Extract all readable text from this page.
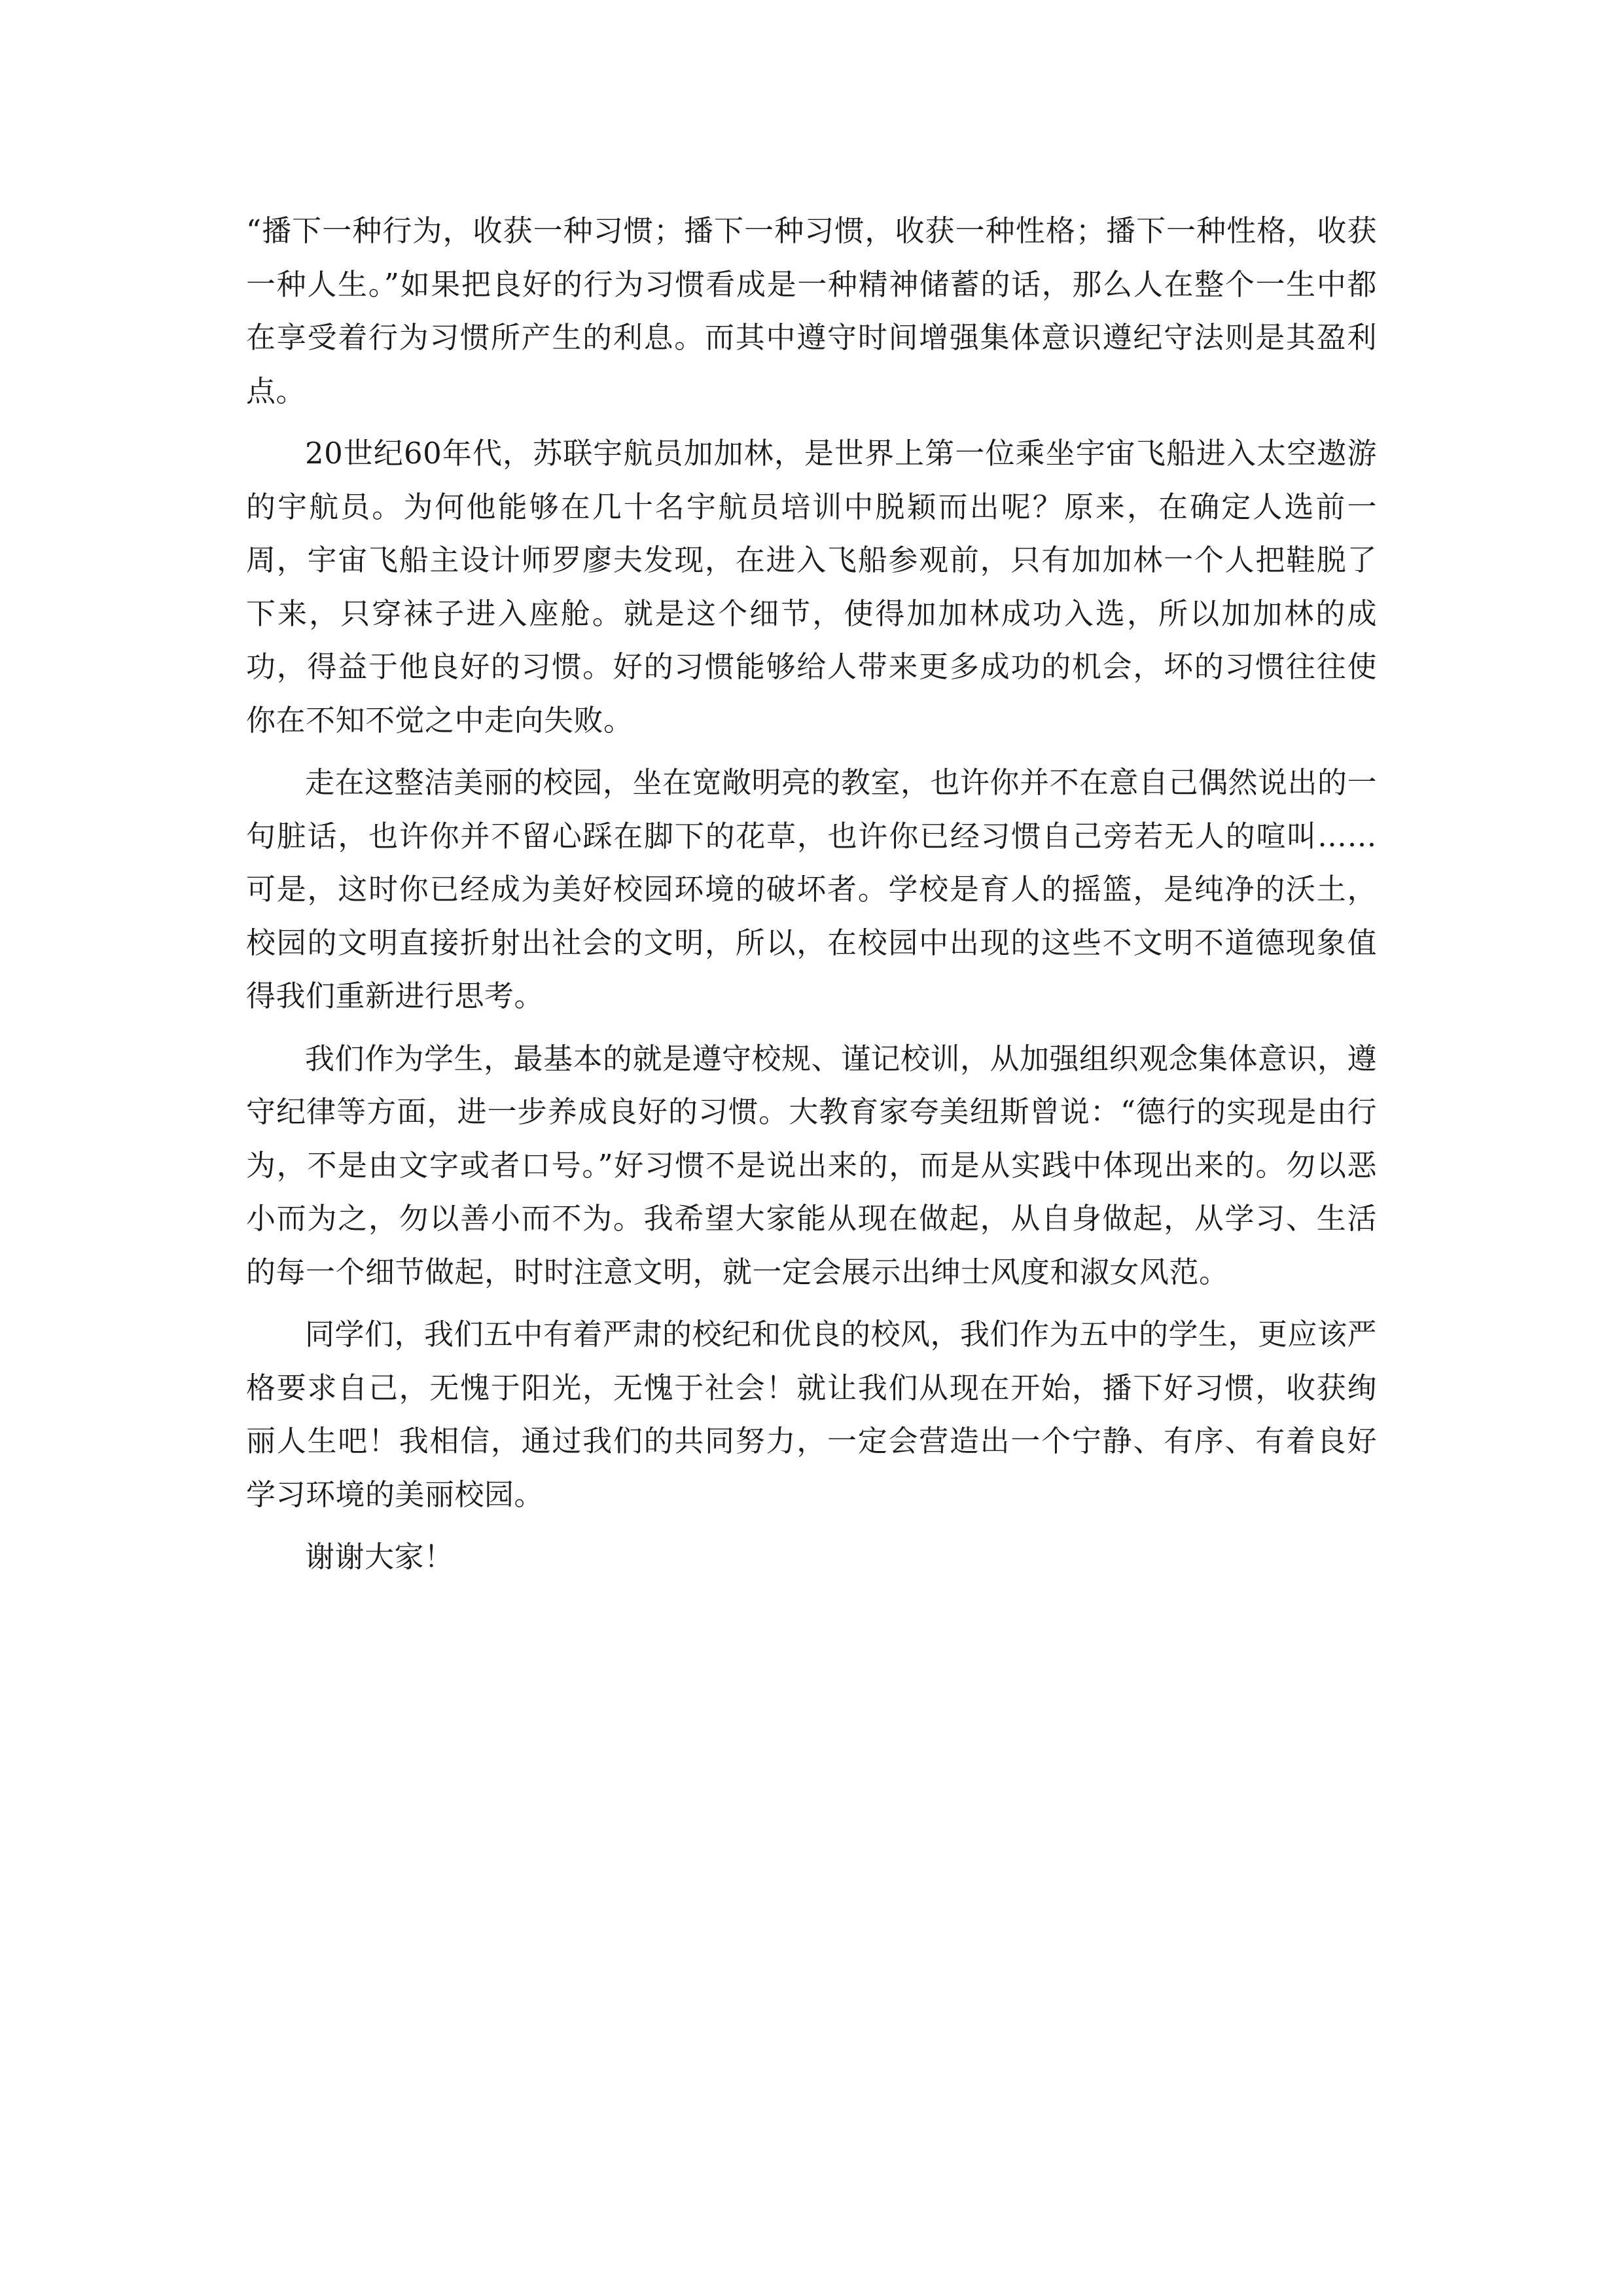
“播下一种行为，收获一种习惯；播下一种习惯，收获一种性格；播下一种性格，收获一种人生。”如果把良好的行为习惯看成是一种精神储蓄的话，那么人在整个一生中都在享受着行为习惯所产生的利息。而其中遵守时间增强集体意识遵纪守法则是其盈利点。

20世纪60年代，苏联宇航员加加林，是世界上第一位乘坐宇宙飞船进入太空遨游的宇航员。为何他能够在几十名宇航员培训中脱颖而出呢？原来，在确定人选前一周，宇宙飞船主设计师罗廖夫发现，在进入飞船参观前，只有加加林一个人把鞋脱了下来，只穿袜子进入座舱。就是这个细节，使得加加林成功入选，所以加加林的成功，得益于他良好的习惯。好的习惯能够给人带来更多成功的机会，坏的习惯往往使你在不知不觉之中走向失败。

走在这整洁美丽的校园，坐在宽敞明亮的教室，也许你并不在意自己偶然说出的一句脏话，也许你并不留心踩在脚下的花草，也许你已经习惯自己旁若无人的喧叫……可是，这时你已经成为美好校园环境的破坏者。学校是育人的摇篮，是纯净的沃土，校园的文明直接折射出社会的文明，所以，在校园中出现的这些不文明不道德现象值得我们重新进行思考。

我们作为学生，最基本的就是遵守校规、谨记校训，从加强组织观念集体意识，遵守纪律等方面，进一步养成良好的习惯。大教育家夸美纽斯曾说：“德行的实现是由行为，不是由文字或者口号。”好习惯不是说出来的，而是从实践中体现出来的。勿以恶小而为之，勿以善小而不为。我希望大家能从现在做起，从自身做起，从学习、生活的每一个细节做起，时时注意文明，就一定会展示出绅士风度和淑女风范。

同学们，我们五中有着严肃的校纪和优良的校风，我们作为五中的学生，更应该严格要求自己，无愧于阳光，无愧于社会！就让我们从现在开始，播下好习惯，收获绚丽人生吧！我相信，通过我们的共同努力，一定会营造出一个宁静、有序、有着良好学习环境的美丽校园。

谢谢大家！
